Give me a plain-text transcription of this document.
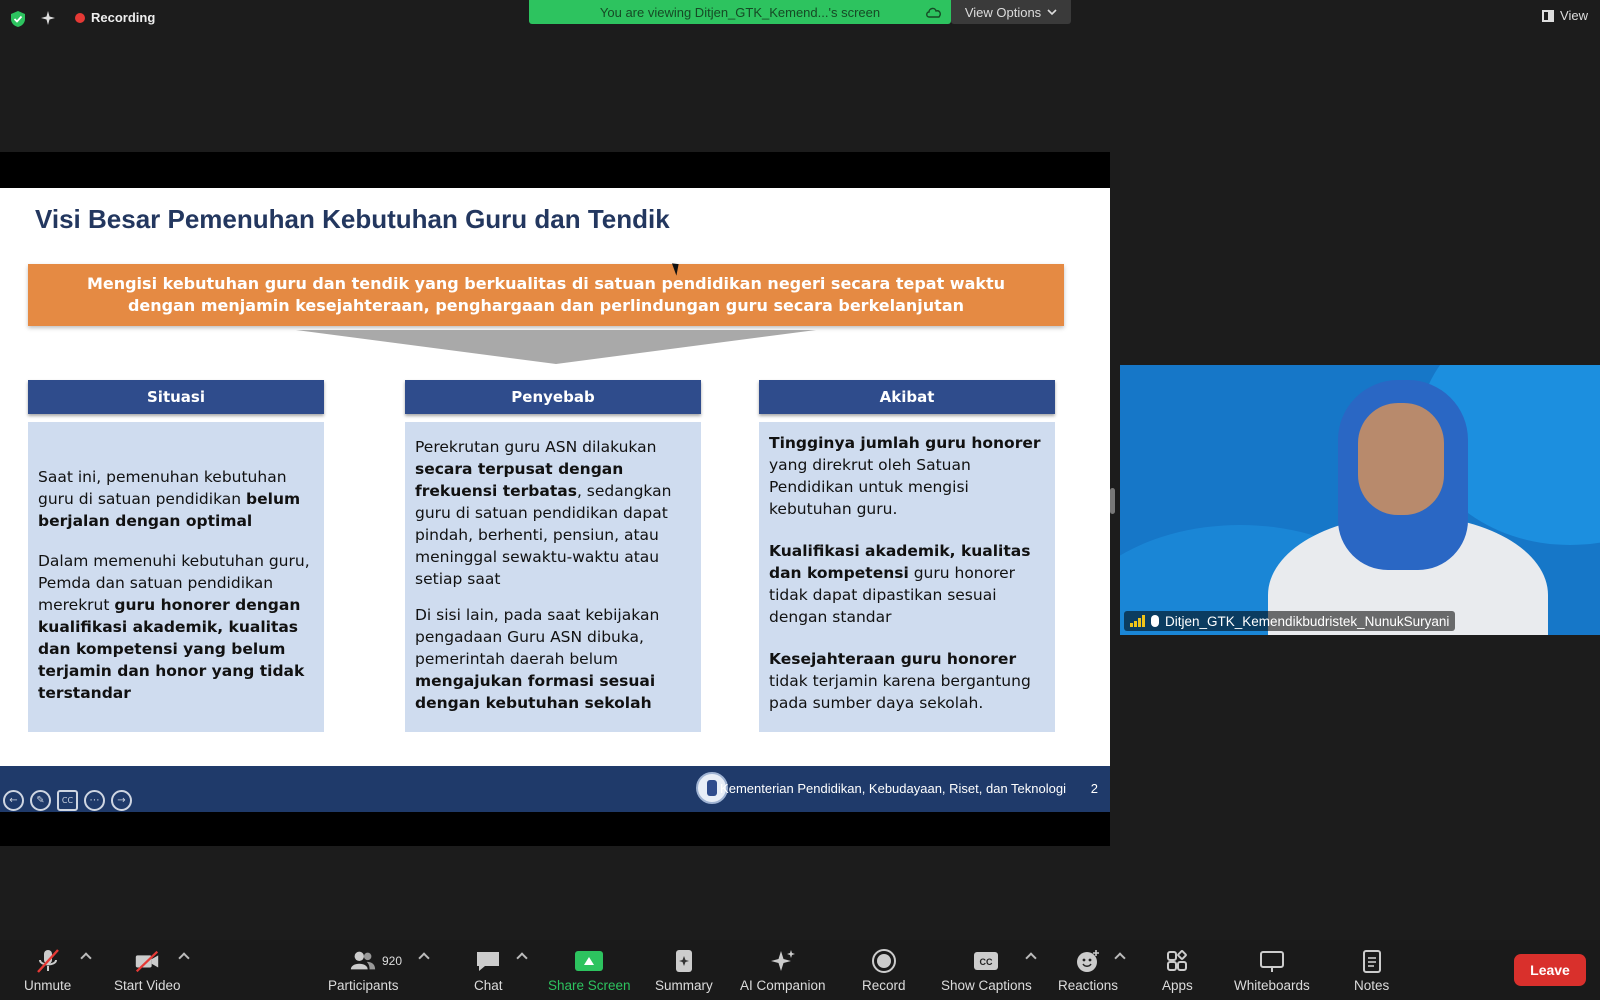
Recording	You are viewing Ditjen_GTK_Kemend...'s screen	View Options	View
Visi Besar Pemenuhan Kebutuhan Guru dan Tendik
Mengisi kebutuhan guru dan tendik yang berkualitas di satuan pendidikan negeri secara tepat waktu dengan menjamin kesejahteraan, penghargaan dan perlindungan guru secara berkelanjutan
Situasi	Penyebab	Akibat

Saat ini, pemenuhan kebutuhan guru di satuan pendidikan belum berjalan dengan optimal

Dalam memenuhi kebutuhan guru, Pemda dan satuan pendidikan merekrut guru honorer dengan kualifikasi akademik, kualitas dan kompetensi yang belum terjamin dan honor yang tidak terstandar

Perekrutan guru ASN dilakukan secara terpusat dengan frekuensi terbatas, sedangkan guru di satuan pendidikan dapat pindah, berhenti, pensiun, atau meninggal sewaktu-waktu atau setiap saat

Di sisi lain, pada saat kebijakan pengadaan Guru ASN dibuka, pemerintah daerah belum mengajukan formasi sesuai dengan kebutuhan sekolah

Tingginya jumlah guru honorer yang direkrut oleh Satuan Pendidikan untuk mengisi kebutuhan guru.

Kualifikasi akademik, kualitas dan kompetensi guru honorer tidak dapat dipastikan sesuai dengan standar

Kesejahteraan guru honorer tidak terjamin karena bergantung pada sumber daya sekolah.

Kementerian Pendidikan, Kebudayaan, Riset, dan Teknologi 2
←	✎	CC	⋯	→
Ditjen_GTK_Kemendikbudristek_NunukSuryani
Unmute	Start Video	Participants
920
Chat	Share Screen Summary AI Companion	Record
CC
Show Captions Reactions	Apps	Whiteboards	Notes
Leave
